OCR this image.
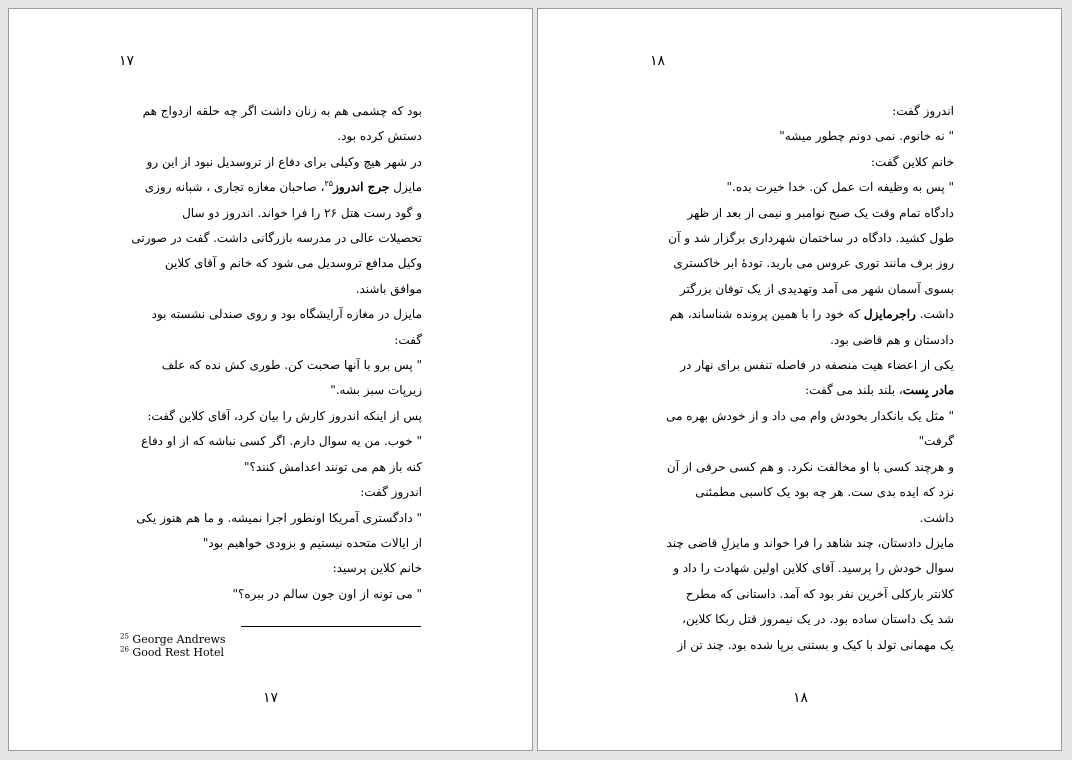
۱۷

بود که چشمی هم به زنان داشت اگر چه حلقه ازدواج هم

دستش کرده بود.

در شهر هیچ وکیلی برای دفاع از تروسدیل نبود از این رو

مایزل جرج اندروز$^{۲۵}$، صاحبان مغازه تجاری ، شبانه روزی

و گود رست هتل ۲۶ را فرا خواند. اندروز دو سال

تحصیلات عالی در مدرسه بازرگانی داشت. گفت در صورتی

وکیل مدافع تروسدیل می شود که خانم و آقای کلاین

موافق باشند.

مایزل در مغازه آرایشگاه بود و روی صندلی نشسته بود

گفت:

" پس برو با آنها صحبت کن. طوری کش نده که علف

زیرپات سبز بشه."

پس از اینکه اندروز کارش را بیان کرد، آقای کلاین گفت:

" خوب. من یه سوال دارم. اگر کسی نباشه که از او دفاع

کنه باز هم می تونند اعدامش کنند؟"

اندروز گفت:

" دادگستری آمریکا اونطور اجرا نمیشه. و ما هم هنوز یکی

از ایالات متحده نیستیم و بزودی خواهیم بود"

خانم کلاین پرسید:

" می تونه از اون جون سالم در ببره؟"

$^{25}$ George Andrews
$^{26}$ Good Rest Hotel
۱۷
۱۸

اندروز گفت:

" نه خانوم. نمی دونم چطور میشه"

خانم کلاین گفت:

" پس به وظیفه ات عمل کن. خدا خیرت بده."

دادگاه تمام وقت یک صبح نوامبر و نیمی از بعد از ظهر

طول کشید. دادگاه در ساختمان شهرداری برگزار شد و آن

روز برف مانند توری عروس می بارید. تودهٔ ابر خاکستری

بسوی آسمان شهر می آمد وتهدیدی از یک توفان بزرگتر

داشت. راجرمایزل که خود را با همین پرونده شناساند، هم

دادستان و هم قاضی بود.

یکی از اعضاء هیت منصفه در فاصله تنفس برای نهار در

مادر بِست، بلند بلند می گفت:

" مثل یک بانکدار بخودش وام می داد و از خودش بهره می

گرفت"

و هرچند کسی با او مخالفت نکرد. و هم کسی حرفی از آن

نزد که ایده بدی ست. هر چه بود یک کاسبی مطمئنی

داشت.

مایزل دادستان، چند شاهد را فرا خواند و مایزلِ قاضی چند

سوال خودش را پرسید. آقای کلاین اولین شهادت را داد و

کلانتر بارکلی آخرین نفر بود که آمد. داستانی که مطرح

شد یک داستان ساده بود. در یک نیمروز قتل ربکا کلاین،

یک مهمانی تولد با کیک و بستنی برپا شده بود. چند تن از

۱۸
